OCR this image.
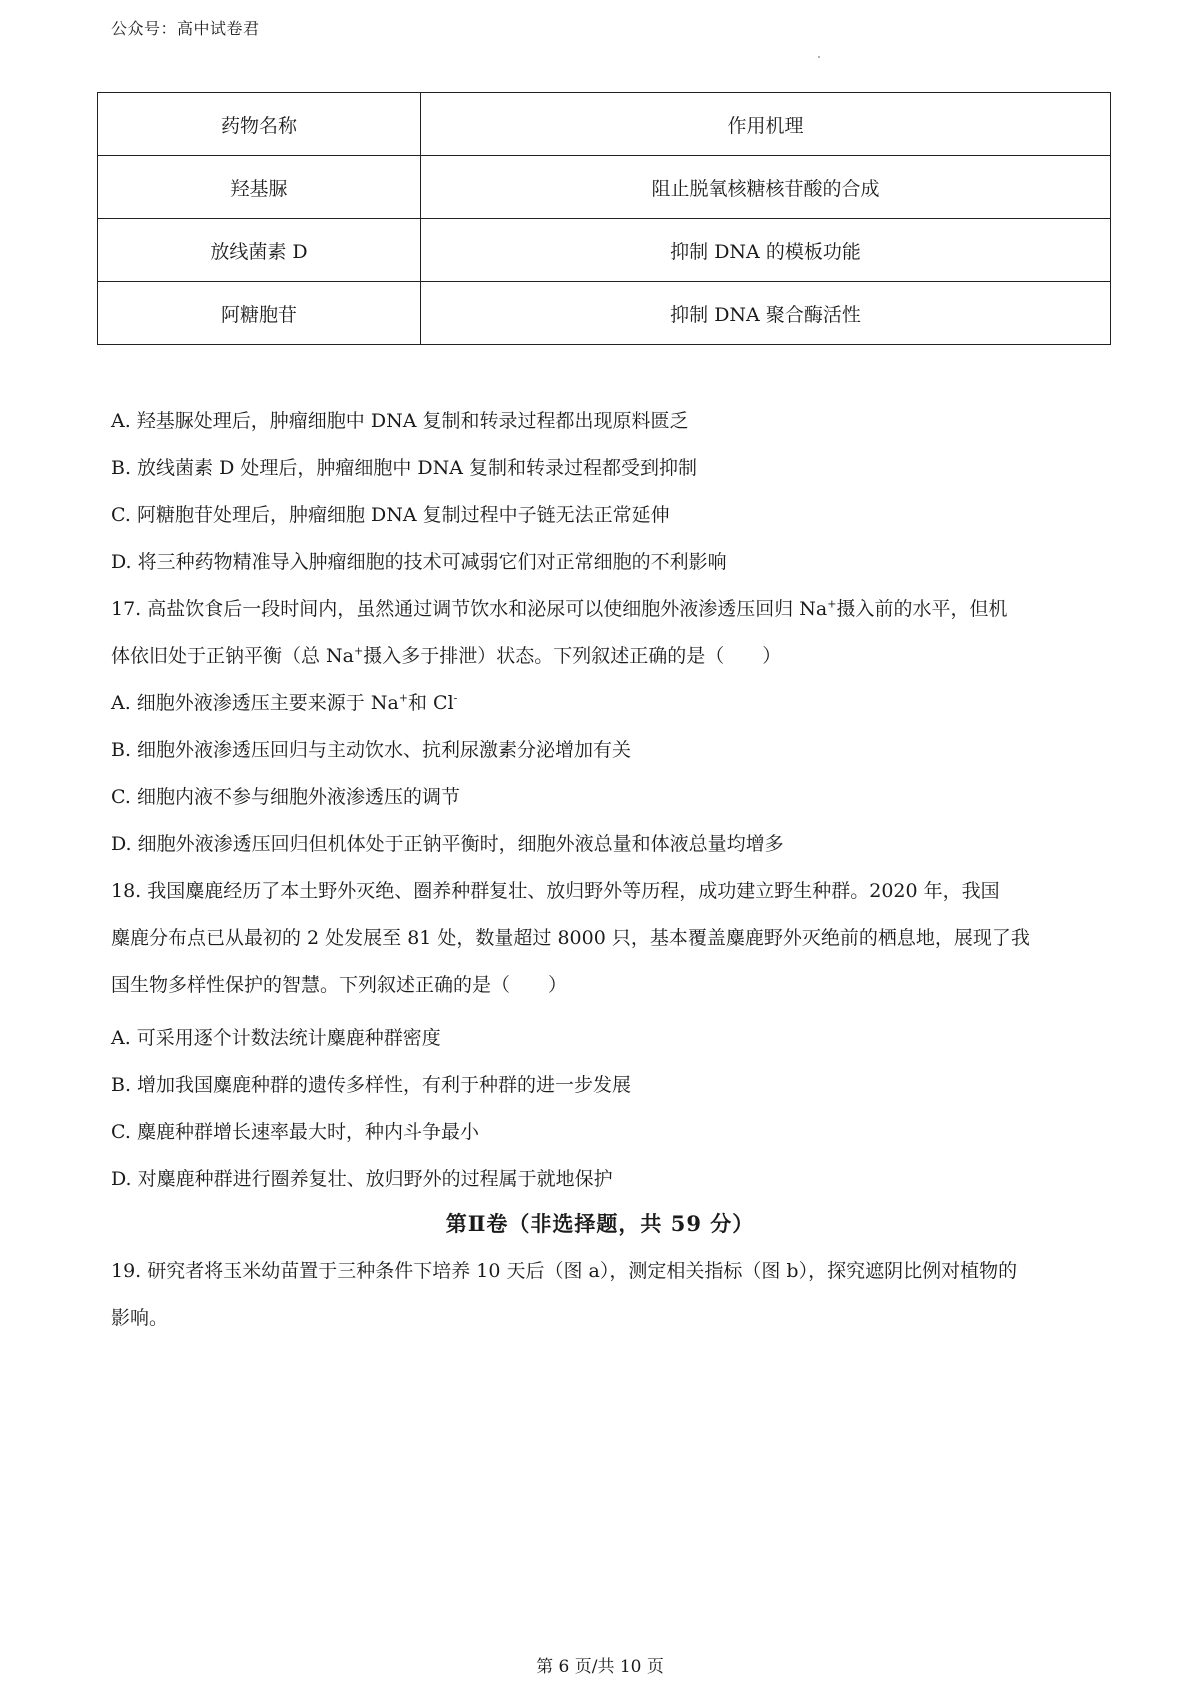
公众号：高中试卷君
药物名称	作用机理
羟基脲	阻止脱氧核糖核苷酸的合成
放线菌素 D	抑制 DNA 的模板功能
阿糖胞苷	抑制 DNA 聚合酶活性
A. 羟基脲处理后，肿瘤细胞中 DNA 复制和转录过程都出现原料匮乏
B. 放线菌素 D 处理后，肿瘤细胞中 DNA 复制和转录过程都受到抑制
C. 阿糖胞苷处理后，肿瘤细胞 DNA 复制过程中子链无法正常延伸
D. 将三种药物精准导入肿瘤细胞的技术可减弱它们对正常细胞的不利影响
17. 高盐饮食后一段时间内，虽然通过调节饮水和泌尿可以使细胞外液渗透压回归 Na+摄入前的水平，但机
体依旧处于正钠平衡（总 Na+摄入多于排泄）状态。下列叙述正确的是（　　）
A. 细胞外液渗透压主要来源于 Na+和 Cl-
B. 细胞外液渗透压回归与主动饮水、抗利尿激素分泌增加有关
C. 细胞内液不参与细胞外液渗透压的调节
D. 细胞外液渗透压回归但机体处于正钠平衡时，细胞外液总量和体液总量均增多
18. 我国麋鹿经历了本土野外灭绝、圈养种群复壮、放归野外等历程，成功建立野生种群。2020 年，我国
麋鹿分布点已从最初的 2 处发展至 81 处，数量超过 8000 只，基本覆盖麋鹿野外灭绝前的栖息地，展现了我
国生物多样性保护的智慧。下列叙述正确的是（　　）
A. 可采用逐个计数法统计麋鹿种群密度
B. 增加我国麋鹿种群的遗传多样性，有利于种群的进一步发展
C. 麋鹿种群增长速率最大时，种内斗争最小
D. 对麋鹿种群进行圈养复壮、放归野外的过程属于就地保护
第Ⅱ卷（非选择题，共 59 分）
19. 研究者将玉米幼苗置于三种条件下培养 10 天后（图 a），测定相关指标（图 b），探究遮阴比例对植物的
影响。
第 6 页/共 10 页
